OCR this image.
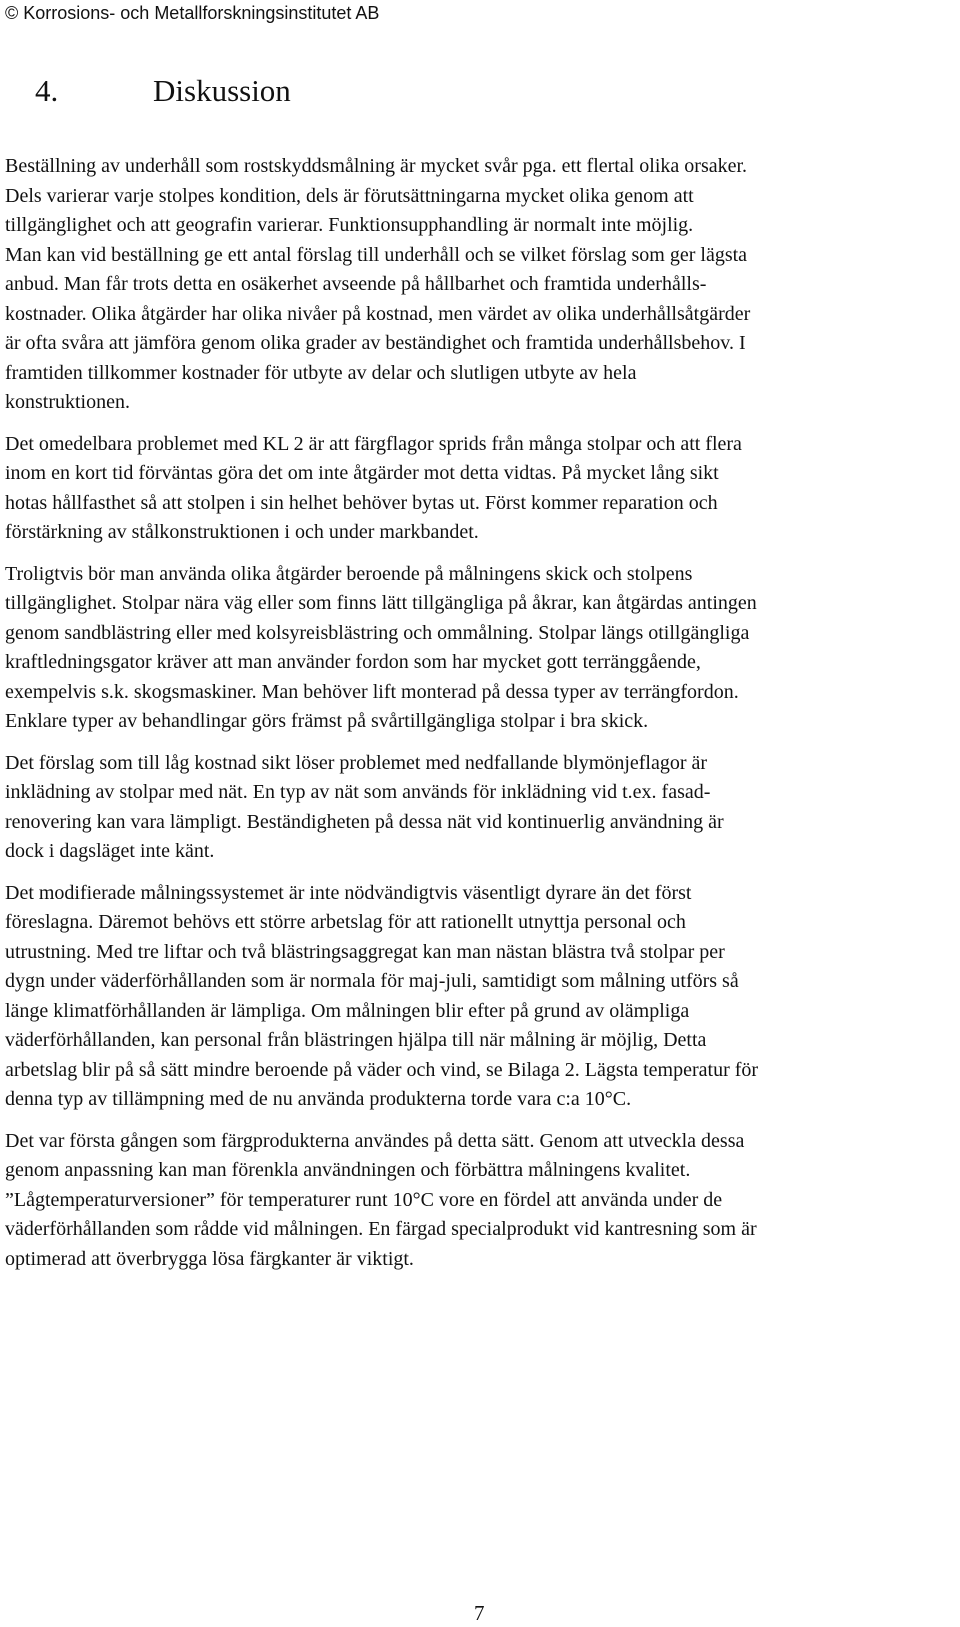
© Korrosions- och Metallforskningsinstitutet AB
4.	Diskussion

Beställning av underhåll som rostskyddsmålning är mycket svår pga. ett flertal olika orsaker.
Dels varierar varje stolpes kondition, dels är förutsättningarna mycket olika genom att
tillgänglighet och att geografin varierar. Funktionsupphandling är normalt inte möjlig.
Man kan vid beställning ge ett antal förslag till underhåll och se vilket förslag som ger lägsta
anbud. Man får trots detta en osäkerhet avseende på hållbarhet och framtida underhålls-
kostnader. Olika åtgärder har olika nivåer på kostnad, men värdet av olika underhållsåtgärder
är ofta svåra att jämföra genom olika grader av beständighet och framtida underhållsbehov. I
framtiden tillkommer kostnader för utbyte av delar och slutligen utbyte av hela
konstruktionen.

Det omedelbara problemet med KL 2 är att färgflagor sprids från många stolpar och att flera
inom en kort tid förväntas göra det om inte åtgärder mot detta vidtas. På mycket lång sikt
hotas hållfasthet så att stolpen i sin helhet behöver bytas ut. Först kommer reparation och
förstärkning av stålkonstruktionen i och under markbandet.

Troligtvis bör man använda olika åtgärder beroende på målningens skick och stolpens
tillgänglighet. Stolpar nära väg eller som finns lätt tillgängliga på åkrar, kan åtgärdas antingen
genom sandblästring eller med kolsyreisblästring och ommålning. Stolpar längs otillgängliga
kraftledningsgator kräver att man använder fordon som har mycket gott terränggående,
exempelvis s.k. skogsmaskiner. Man behöver lift monterad på dessa typer av terrängfordon.
Enklare typer av behandlingar görs främst på svårtillgängliga stolpar i bra skick.

Det förslag som till låg kostnad sikt löser problemet med nedfallande blymönjeflagor är
inklädning av stolpar med nät. En typ av nät som används för inklädning vid t.ex. fasad-
renovering kan vara lämpligt. Beständigheten på dessa nät vid kontinuerlig användning är
dock i dagsläget inte känt.

Det modifierade målningssystemet är inte nödvändigtvis väsentligt dyrare än det först
föreslagna. Däremot behövs ett större arbetslag för att rationellt utnyttja personal och
utrustning. Med tre liftar och två blästringsaggregat kan man nästan blästra två stolpar per
dygn under väderförhållanden som är normala för maj-juli, samtidigt som målning utförs så
länge klimatförhållanden är lämpliga. Om målningen blir efter på grund av olämpliga
väderförhållanden, kan personal från blästringen hjälpa till när målning är möjlig, Detta
arbetslag blir på så sätt mindre beroende på väder och vind, se Bilaga 2. Lägsta temperatur för
denna typ av tillämpning med de nu använda produkterna torde vara c:a 10°C.

Det var första gången som färgprodukterna användes på detta sätt. Genom att utveckla dessa
genom anpassning kan man förenkla användningen och förbättra målningens kvalitet.
”Lågtemperaturversioner” för temperaturer runt 10°C vore en fördel att använda under de
väderförhållanden som rådde vid målningen. En färgad specialprodukt vid kantresning som är
optimerad att överbrygga lösa färgkanter är viktigt.

7
